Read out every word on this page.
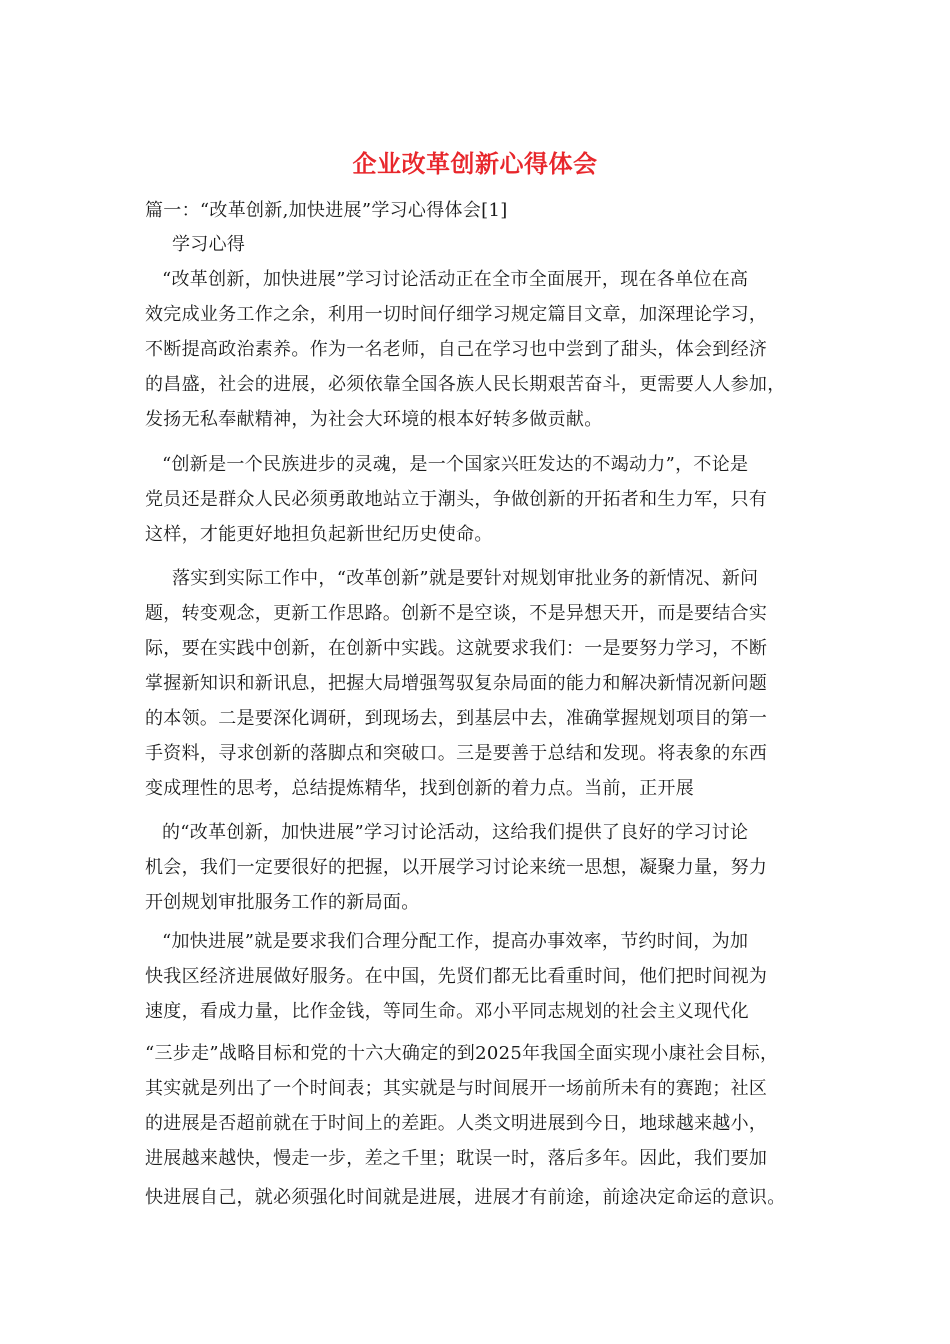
企业改革创新心得体会
篇一：“改革创新,加快进展”学习心得体会[1]
学习心得
“改革创新，加快进展”学习讨论活动正在全市全面展开，现在各单位在高
效完成业务工作之余，利用一切时间仔细学习规定篇目文章，加深理论学习，
不断提高政治素养。作为一名老师，自己在学习也中尝到了甜头，体会到经济
的昌盛，社会的进展，必须依靠全国各族人民长期艰苦奋斗，更需要人人参加，
发扬无私奉献精神，为社会大环境的根本好转多做贡献。
“创新是一个民族进步的灵魂，是一个国家兴旺发达的不竭动力”，不论是
党员还是群众人民必须勇敢地站立于潮头，争做创新的开拓者和生力军，只有
这样，才能更好地担负起新世纪历史使命。
落实到实际工作中，“改革创新”就是要针对规划审批业务的新情况、新问
题，转变观念，更新工作思路。创新不是空谈，不是异想天开，而是要结合实
际，要在实践中创新，在创新中实践。这就要求我们：一是要努力学习，不断
掌握新知识和新讯息，把握大局增强驾驭复杂局面的能力和解决新情况新问题
的本领。二是要深化调研，到现场去，到基层中去，准确掌握规划项目的第一
手资料，寻求创新的落脚点和突破口。三是要善于总结和发现。将表象的东西
变成理性的思考，总结提炼精华，找到创新的着力点。当前，正开展
的“改革创新，加快进展”学习讨论活动，这给我们提供了良好的学习讨论
机会，我们一定要很好的把握，以开展学习讨论来统一思想，凝聚力量，努力
开创规划审批服务工作的新局面。
“加快进展”就是要求我们合理分配工作，提高办事效率，节约时间，为加
快我区经济进展做好服务。在中国，先贤们都无比看重时间，他们把时间视为
速度，看成力量，比作金钱，等同生命。邓小平同志规划的社会主义现代化
“三步走”战略目标和党的十六大确定的到2025年我国全面实现小康社会目标，
其实就是列出了一个时间表；其实就是与时间展开一场前所未有的赛跑；社区
的进展是否超前就在于时间上的差距。人类文明进展到今日，地球越来越小，
进展越来越快，慢走一步，差之千里；耽误一时，落后多年。因此，我们要加
快进展自己，就必须强化时间就是进展，进展才有前途，前途决定命运的意识。
